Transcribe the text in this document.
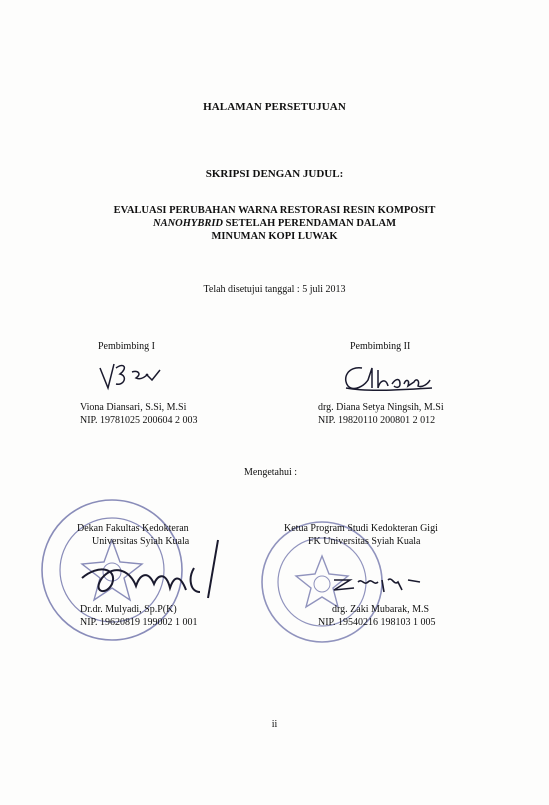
HALAMAN PERSETUJUAN
SKRIPSI DENGAN JUDUL:
EVALUASI PERUBAHAN WARNA RESTORASI RESIN KOMPOSIT
NANOHYBRID SETELAH PERENDAMAN DALAM
MINUMAN KOPI LUWAK
Telah disetujui tanggal : 5 juli 2013
Pembimbing I	Pembimbing II
Viona Diansari, S.Si, M.Si
NIP. 19781025 200604 2 003
drg. Diana Setya Ningsih, M.Si
NIP. 19820110 200801 2 012
Mengetahui :
Dekan Fakultas Kedokteran
Universitas Syiah Kuala
Dr.dr. Mulyadi, Sp.P(K)
NIP. 19620819 199002 1 001
Ketua Program Studi Kedokteran Gigi
FK Universitas Syiah Kuala
drg. Zaki Mubarak, M.S
NIP. 19540216 198103 1 005
ii
